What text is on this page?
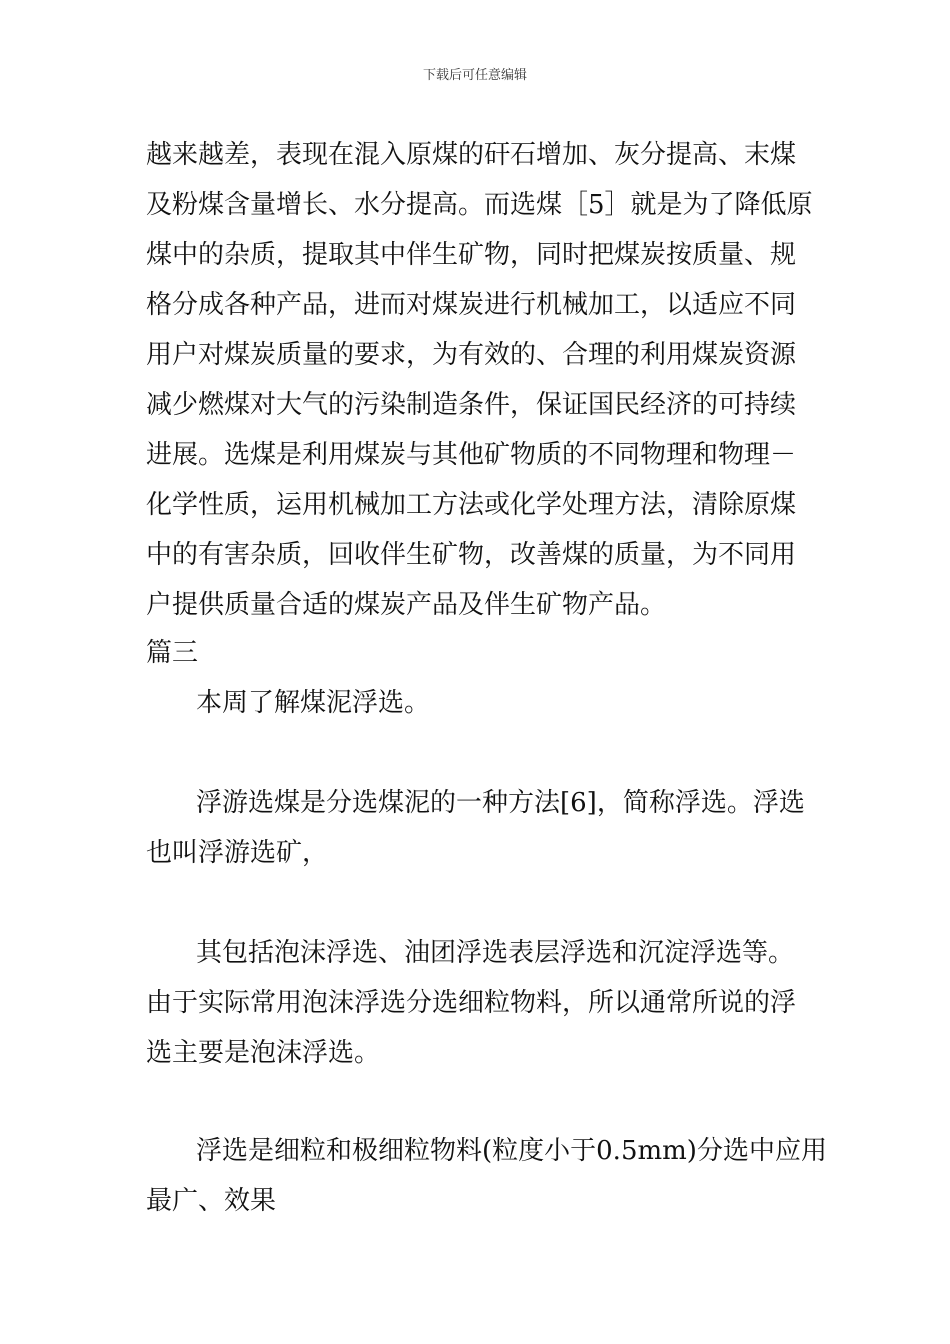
下载后可任意编辑
越来越差，表现在混入原煤的矸石增加、灰分提高、末煤
及粉煤含量增长、水分提高。而选煤［5］就是为了降低原
煤中的杂质，提取其中伴生矿物，同时把煤炭按质量、规
格分成各种产品，进而对煤炭进行机械加工，以适应不同
用户对煤炭质量的要求，为有效的、合理的利用煤炭资源
减少燃煤对大气的污染制造条件，保证国民经济的可持续
进展。选煤是利用煤炭与其他矿物质的不同物理和物理－
化学性质，运用机械加工方法或化学处理方法，清除原煤
中的有害杂质，回收伴生矿物，改善煤的质量，为不同用
户提供质量合适的煤炭产品及伴生矿物产品。
篇三
本周了解煤泥浮选。
浮游选煤是分选煤泥的一种方法[6]，简称浮选。浮选
也叫浮游选矿，
其包括泡沫浮选、油团浮选表层浮选和沉淀浮选等。
由于实际常用泡沫浮选分选细粒物料，所以通常所说的浮
选主要是泡沫浮选。
浮选是细粒和极细粒物料(粒度小于0.5mm)分选中应用
最广、效果
